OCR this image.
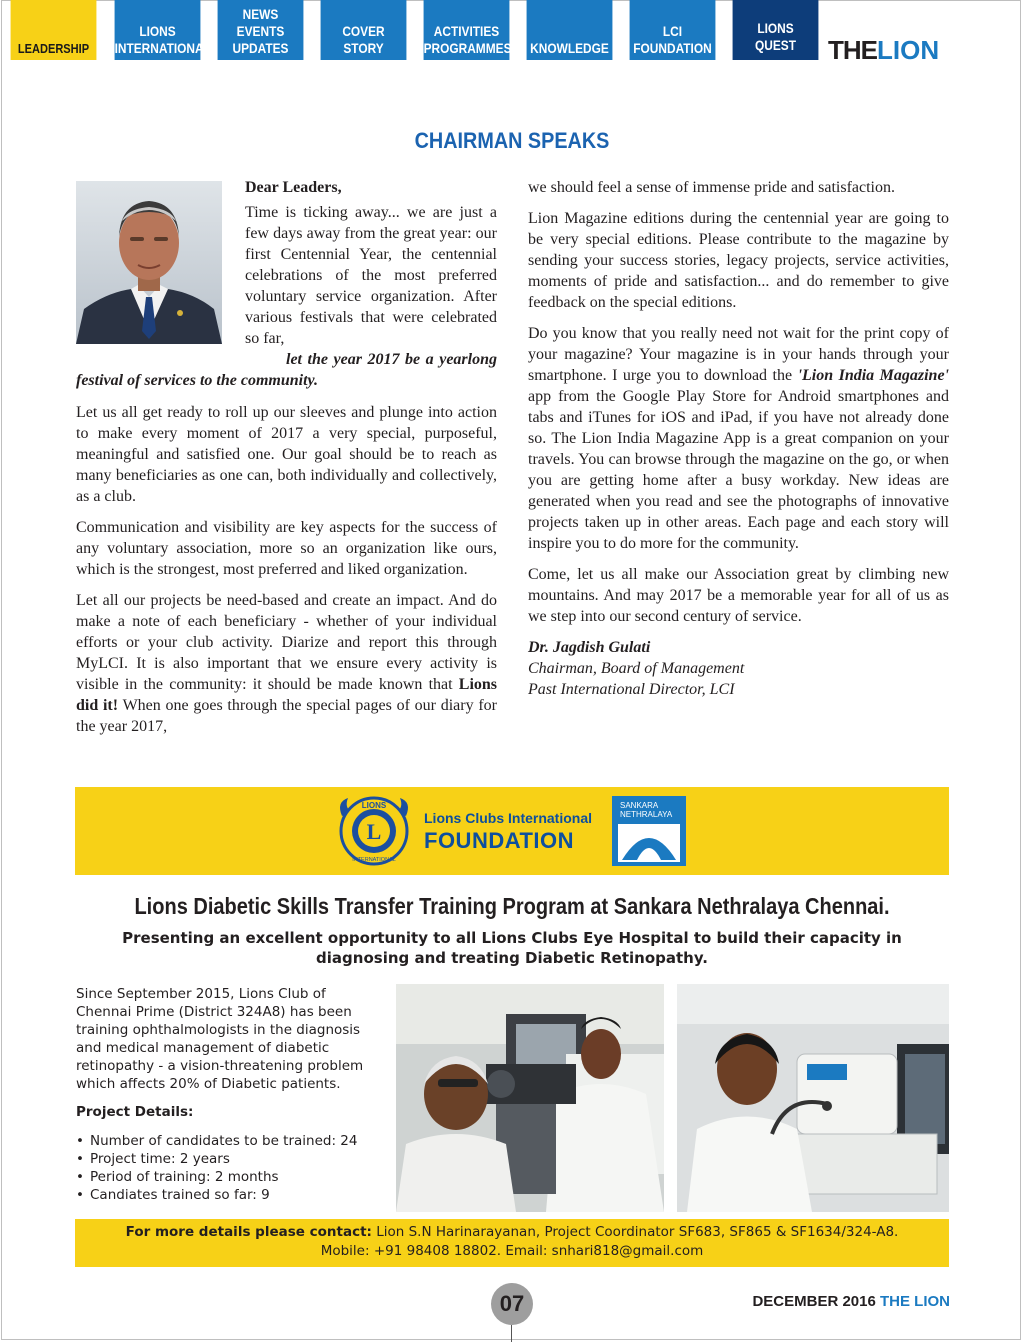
LEADERSHIP
LIONS
INTERNATIONAL
NEWS
EVENTS
UPDATES
COVER STORY
ACTIVITIES
PROGRAMMES KNOWLEDGE
LCI
FOUNDATION
LIONS
QUEST	THELION
CHAIRMAN SPEAKS

Dear Leaders,

Time is ticking away... we are just a few days away from the great year: our first Centennial Year, the centennial celebrations of the most preferred voluntary service organization. After various festivals that were celebrated so far,

let the year 2017 be a yearlong festival of services to the community.

Let us all get ready to roll up our sleeves and plunge into action to make every moment of 2017 a very special, purposeful, meaningful and satisfied one. Our goal should be to reach as many beneficiaries as one can, both individually and collectively, as a club.

Communication and visibility are key aspects for the success of any voluntary association, more so an organization like ours, which is the strongest, most preferred and liked organization.

Let all our projects be need-based and create an impact. And do make a note of each beneficiary - whether of your individual efforts or your club activity. Diarize and report this through MyLCI. It is also important that we ensure every activity is visible in the community: it should be made known that Lions did it! When one goes through the special pages of our diary for the year 2017,

we should feel a sense of immense pride and satisfaction.

Lion Magazine editions during the centennial year are going to be very special editions. Please contribute to the magazine by sending your success stories, legacy projects, service activities, moments of pride and satisfaction... and do remember to give feedback on the special editions.

Do you know that you really need not wait for the print copy of your magazine? Your magazine is in your hands through your smartphone. I urge you to download the 'Lion India Magazine' app from the Google Play Store for Android smartphones and tabs and iTunes for iOS and iPad, if you have not already done so. The Lion India Magazine App is a great companion on your travels. You can browse through the magazine on the go, or when you are getting home after a busy workday. New ideas are generated when you read and see the photographs of innovative projects taken up in other areas. Each page and each story will inspire you to do more for the community.

Come, let us all make our Association great by climbing new mountains. And may 2017 be a memorable year for all of us as we step into our second century of service.

Dr. Jagdish Gulati
Chairman, Board of Management
Past International Director, LCI
L
LIONS
INTERNATIONAL
Lions Clubs International
FOUNDATION
SANKARA
NETHRALAYA
Lions Diabetic Skills Transfer Training Program at Sankara Nethralaya Chennai.
Presenting an excellent opportunity to all Lions Clubs Eye Hospital to build their capacity in diagnosing and treating Diabetic Retinopathy.
Since September 2015, Lions Club of Chennai Prime (District 324A8) has been training ophthalmologists in the diagnosis and medical management of diabetic retinopathy - a vision-threatening problem which affects 20% of Diabetic patients.
Project Details:
• Number of candidates to be trained: 24
• Project time: 2 years
• Period of training: 2 months
• Candiates trained so far: 9
For more details please contact: Lion S.N Harinarayanan, Project Coordinator SF683, SF865 & SF1634/324-A8.
Mobile: +91 98408 18802. Email: snhari818@gmail.com
07	DECEMBER 2016 THE LION
